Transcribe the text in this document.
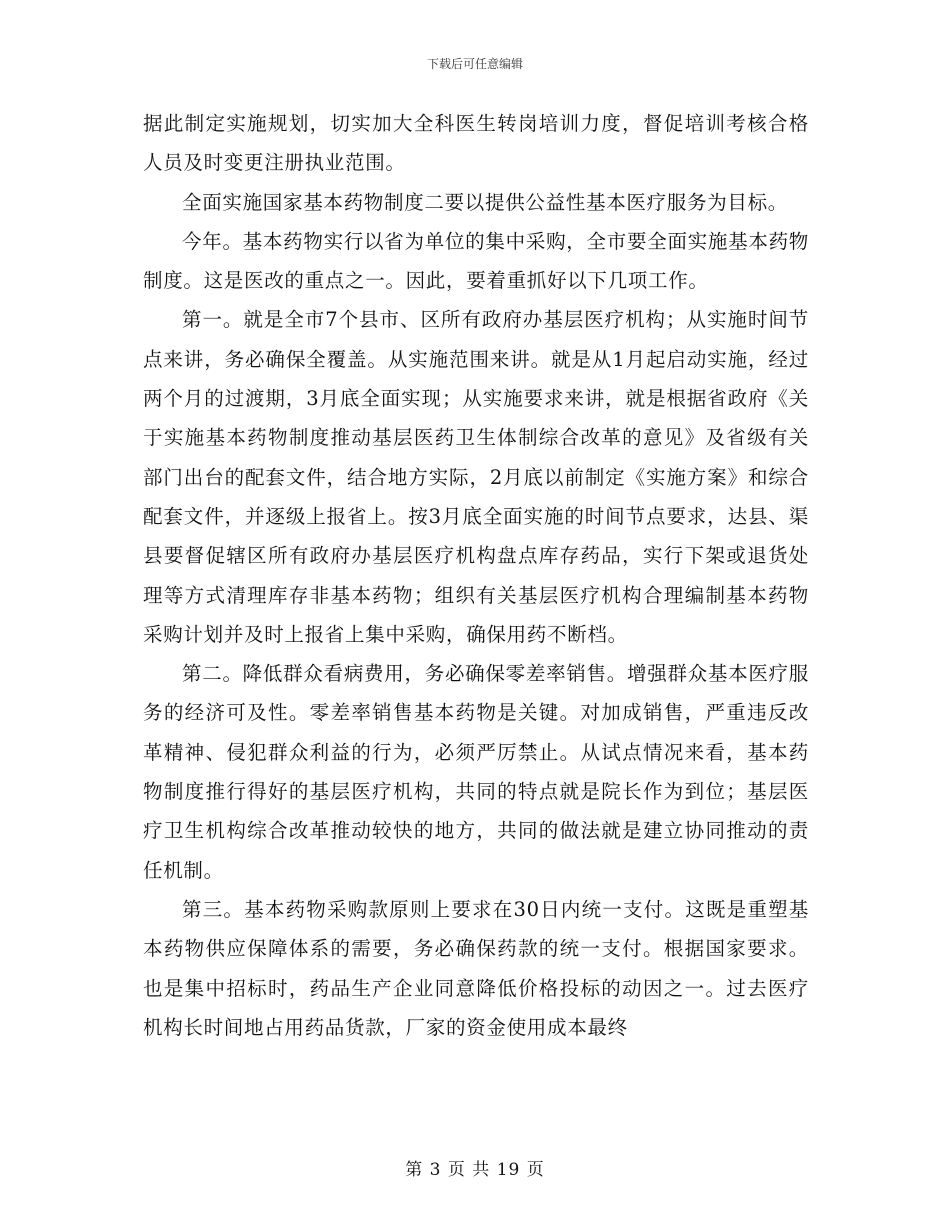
下载后可任意编辑

据此制定实施规划，切实加大全科医生转岗培训力度，督促培训考核合格人员及时变更注册执业范围。

全面实施国家基本药物制度二要以提供公益性基本医疗服务为目标。

今年。基本药物实行以省为单位的集中采购，全市要全面实施基本药物制度。这是医改的重点之一。因此，要着重抓好以下几项工作。

第一。就是全市7个县市、区所有政府办基层医疗机构；从实施时间节点来讲，务必确保全覆盖。从实施范围来讲。就是从1月起启动实施，经过两个月的过渡期，3月底全面实现；从实施要求来讲，就是根据省政府《关于实施基本药物制度推动基层医药卫生体制综合改革的意见》及省级有关部门出台的配套文件，结合地方实际，2月底以前制定《实施方案》和综合配套文件，并逐级上报省上。按3月底全面实施的时间节点要求，达县、渠县要督促辖区所有政府办基层医疗机构盘点库存药品，实行下架或退货处理等方式清理库存非基本药物；组织有关基层医疗机构合理编制基本药物采购计划并及时上报省上集中采购，确保用药不断档。

第二。降低群众看病费用，务必确保零差率销售。增强群众基本医疗服务的经济可及性。零差率销售基本药物是关键。对加成销售，严重违反改革精神、侵犯群众利益的行为，必须严厉禁止。从试点情况来看，基本药物制度推行得好的基层医疗机构，共同的特点就是院长作为到位；基层医疗卫生机构综合改革推动较快的地方，共同的做法就是建立协同推动的责任机制。

第三。基本药物采购款原则上要求在30日内统一支付。这既是重塑基本药物供应保障体系的需要，务必确保药款的统一支付。根据国家要求。也是集中招标时，药品生产企业同意降低价格投标的动因之一。过去医疗机构长时间地占用药品货款，厂家的资金使用成本最终

第 3 页 共 19 页
